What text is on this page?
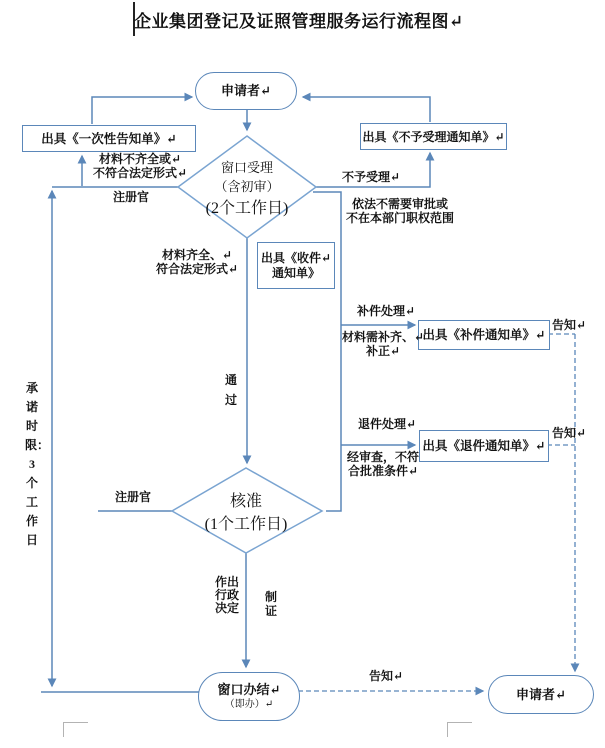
企业集团登记及证照管理服务运行流程图↵
申请者↵
出具《一次性告知单》↵	出具《不予受理通知单》↵
窗口受理
（含初审）
(2个工作日)
出具《收件↵
通知单》
出具《补件通知单》↵
出具《退件通知单》↵
核准
(1个工作日)
窗口办结↵
（即办）↵
申请者↵
材料不齐全或↵
不符合法定形式↵
注册官
不予受理↵
依法不需要审批或
不在本部门职权范围
材料齐全、↵
符合法定形式↵
通过
补件处理↵
材料需补齐、↵
补正↵
告知↵
退件处理↵
经审查，不符
合批准条件↵
告知↵
注册官
承诺时限：3个工作日
作出
行政
决定
制
证
告知↵
